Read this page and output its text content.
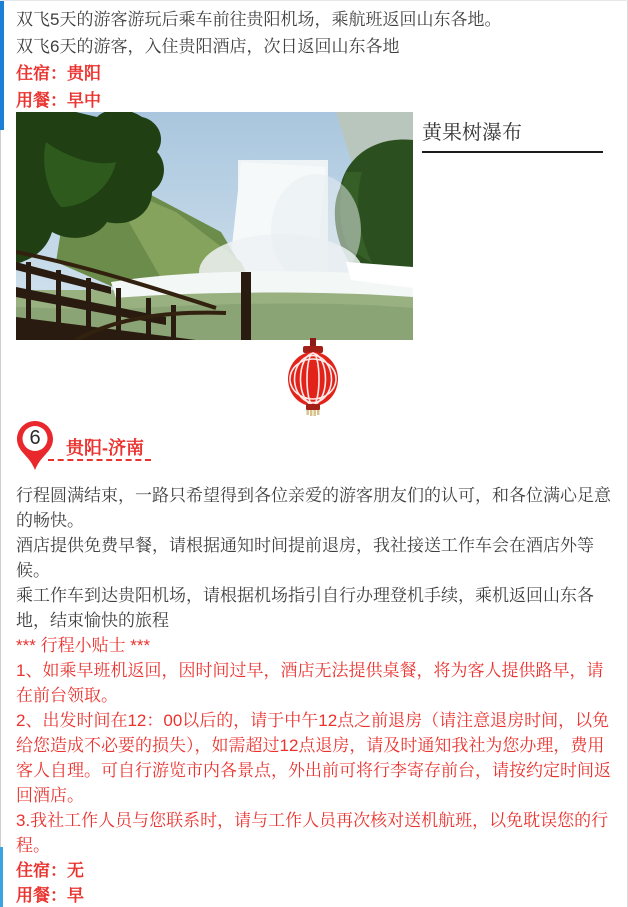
双飞5天的游客游玩后乘车前往贵阳机场，乘航班返回山东各地。

双飞6天的游客，入住贵阳酒店，次日返回山东各地

住宿：贵阳

用餐：早中

黄果树瀑布
6	贵阳-济南

行程圆满结束，一路只希望得到各位亲爱的游客朋友们的认可，和各位满心足意的畅快。

酒店提供免费早餐，请根据通知时间提前退房，我社接送工作车会在酒店外等候。

乘工作车到达贵阳机场，请根据机场指引自行办理登机手续，乘机返回山东各地，结束愉快的旅程

*** 行程小贴士 ***

1、如乘早班机返回，因时间过早，酒店无法提供桌餐，将为客人提供路早，请在前台领取。

2、出发时间在12：00以后的，请于中午12点之前退房（请注意退房时间，以免给您造成不必要的损失），如需超过12点退房，请及时通知我社为您办理，费用客人自理。可自行游览市内各景点，外出前可将行李寄存前台，请按约定时间返回酒店。

3.我社工作人员与您联系时，请与工作人员再次核对送机航班，以免耽误您的行程。

住宿：无

用餐：早
